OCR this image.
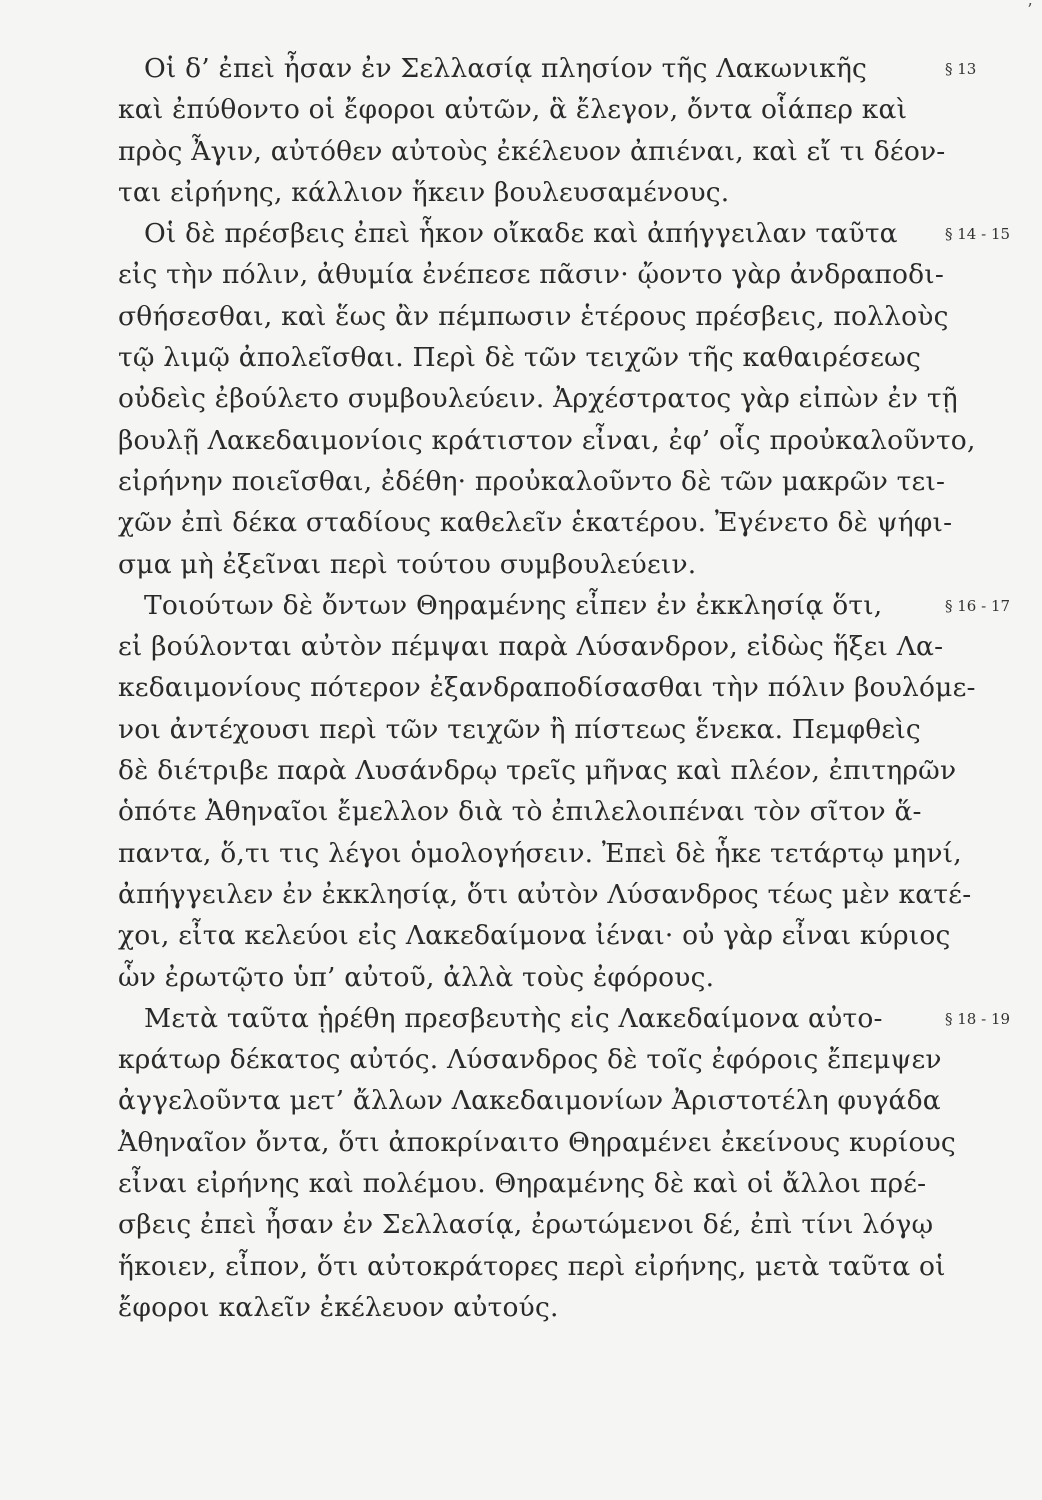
ʼ
Οἱ δ’ ἐπεὶ ἦσαν ἐν Σελλασίᾳ πλησίον τῆς Λακωνικῆς
καὶ ἐπύθοντο οἱ ἔφοροι αὐτῶν, ἃ ἔλεγον, ὄντα οἷάπερ καὶ
πρὸς Ἆγιν, αὐτόθεν αὐτοὺς ἐκέλευον ἀπιέναι, καὶ εἴ τι δέον-
ται εἰρήνης, κάλλιον ἥκειν βουλευσαμένους.
Οἱ δὲ πρέσβεις ἐπεὶ ἧκον οἴκαδε καὶ ἀπήγγειλαν ταῦτα
εἰς τὴν πόλιν, ἀθυμία ἐνέπεσε πᾶσιν· ᾤοντο γὰρ ἀνδραποδι-
σθήσεσθαι, καὶ ἕως ἂν πέμπωσιν ἑτέρους πρέσβεις, πολλοὺς
τῷ λιμῷ ἀπολεῖσθαι. Περὶ δὲ τῶν τειχῶν τῆς καθαιρέσεως
οὐδεὶς ἐβούλετο συμβουλεύειν. Ἀρχέστρατος γὰρ εἰπὼν ἐν τῇ
βουλῇ Λακεδαιμονίοις κράτιστον εἶναι, ἐφ’ οἷς προὐκαλοῦντο,
εἰρήνην ποιεῖσθαι, ἐδέθη· προὐκαλοῦντο δὲ τῶν μακρῶν τει-
χῶν ἐπὶ δέκα σταδίους καθελεῖν ἑκατέρου. Ἐγένετο δὲ ψήφι-
σμα μὴ ἐξεῖναι περὶ τούτου συμβουλεύειν.
Τοιούτων δὲ ὄντων Θηραμένης εἶπεν ἐν ἐκκλησίᾳ ὅτι,
εἰ βούλονται αὐτὸν πέμψαι παρὰ Λύσανδρον, εἰδὼς ἥξει Λα-
κεδαιμονίους πότερον ἐξανδραποδίσασθαι τὴν πόλιν βουλόμε-
νοι ἀντέχουσι περὶ τῶν τειχῶν ἢ πίστεως ἕνεκα. Πεμφθεὶς
δὲ διέτριβε παρὰ Λυσάνδρῳ τρεῖς μῆνας καὶ πλέον, ἐπιτηρῶν
ὁπότε Ἀθηναῖοι ἔμελλον διὰ τὸ ἐπιλελοιπέναι τὸν σῖτον ἅ-
παντα, ὅ,τι τις λέγοι ὁμολογήσειν. Ἐπεὶ δὲ ἧκε τετάρτῳ μηνί,
ἀπήγγειλεν ἐν ἐκκλησίᾳ, ὅτι αὐτὸν Λύσανδρος τέως μὲν κατέ-
χοι, εἶτα κελεύοι εἰς Λακεδαίμονα ἰέναι· οὐ γὰρ εἶναι κύριος
ὧν ἐρωτῷτο ὑπ’ αὐτοῦ, ἀλλὰ τοὺς ἐφόρους.
Μετὰ ταῦτα ᾑρέθη πρεσβευτὴς εἰς Λακεδαίμονα αὐτο-
κράτωρ δέκατος αὐτός. Λύσανδρος δὲ τοῖς ἐφόροις ἔπεμψεν
ἀγγελοῦντα μετ’ ἄλλων Λακεδαιμονίων Ἀριστοτέλη φυγάδα
Ἀθηναῖον ὄντα, ὅτι ἀποκρίναιτο Θηραμένει ἐκείνους κυρίους
εἶναι εἰρήνης καὶ πολέμου. Θηραμένης δὲ καὶ οἱ ἄλλοι πρέ-
σβεις ἐπεὶ ἦσαν ἐν Σελλασίᾳ, ἐρωτώμενοι δέ, ἐπὶ τίνι λόγῳ
ἥκοιεν, εἶπον, ὅτι αὐτοκράτορες περὶ εἰρήνης, μετὰ ταῦτα οἱ
ἔφοροι καλεῖν ἐκέλευον αὐτούς.
§ 13
§ 14 - 15
§ 16 - 17
§ 18 - 19
